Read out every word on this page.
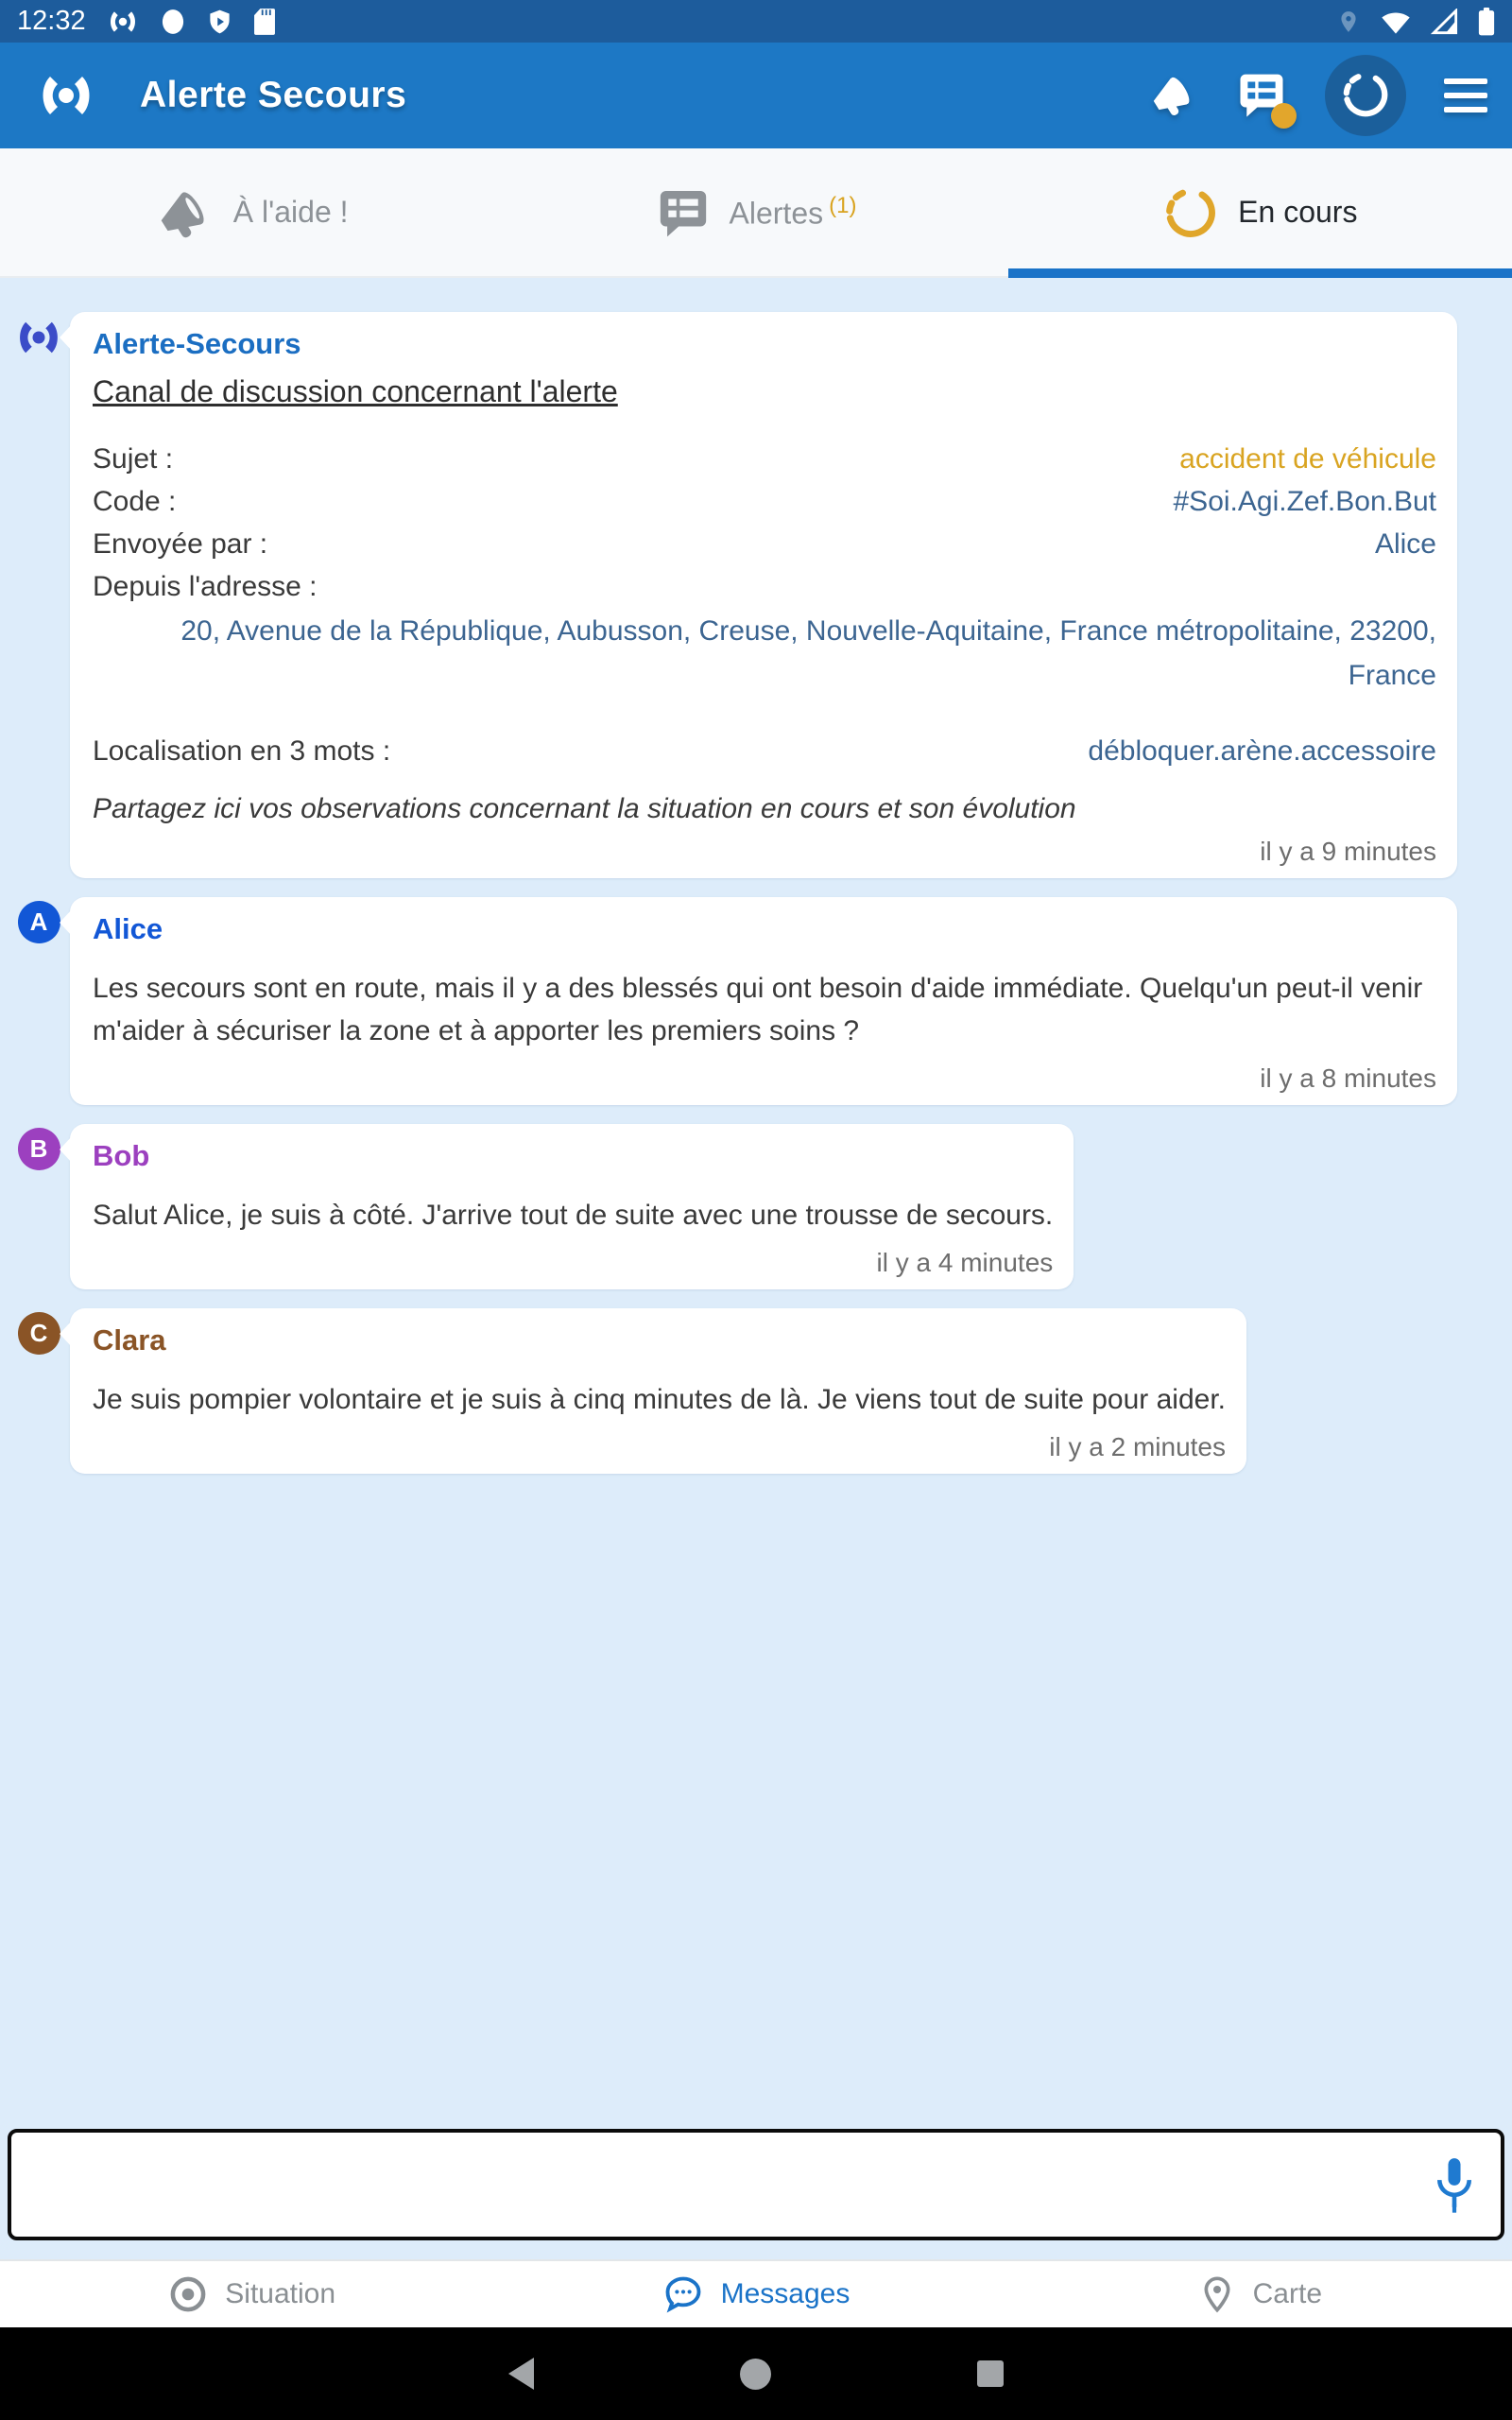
12:32
Alerte Secours
À l'aide !	Alertes $^{(1)}$	En cours
Alerte-Secours
Canal de discussion concernant l'alerte
Sujet :	accident de véhicule
Code :	#Soi.Agi.Zef.Bon.But
Envoyée par :	Alice
Depuis l'adresse :
20, Avenue de la République, Aubusson, Creuse, Nouvelle-Aquitaine, France métropolitaine, 23200, France
Localisation en 3 mots :	débloquer.arène.accessoire
Partagez ici vos observations concernant la situation en cours et son évolution
il y a 9 minutes
A	Alice
Les secours sont en route, mais il y a des blessés qui ont besoin d'aide immédiate. Quelqu'un peut-il venir m'aider à sécuriser la zone et à apporter les premiers soins ?
il y a 8 minutes
B	Bob
Salut Alice, je suis à côté. J'arrive tout de suite avec une trousse de secours.
il y a 4 minutes
C	Clara
Je suis pompier volontaire et je suis à cinq minutes de là. Je viens tout de suite pour aider.
il y a 2 minutes
Situation	Messages	Carte
